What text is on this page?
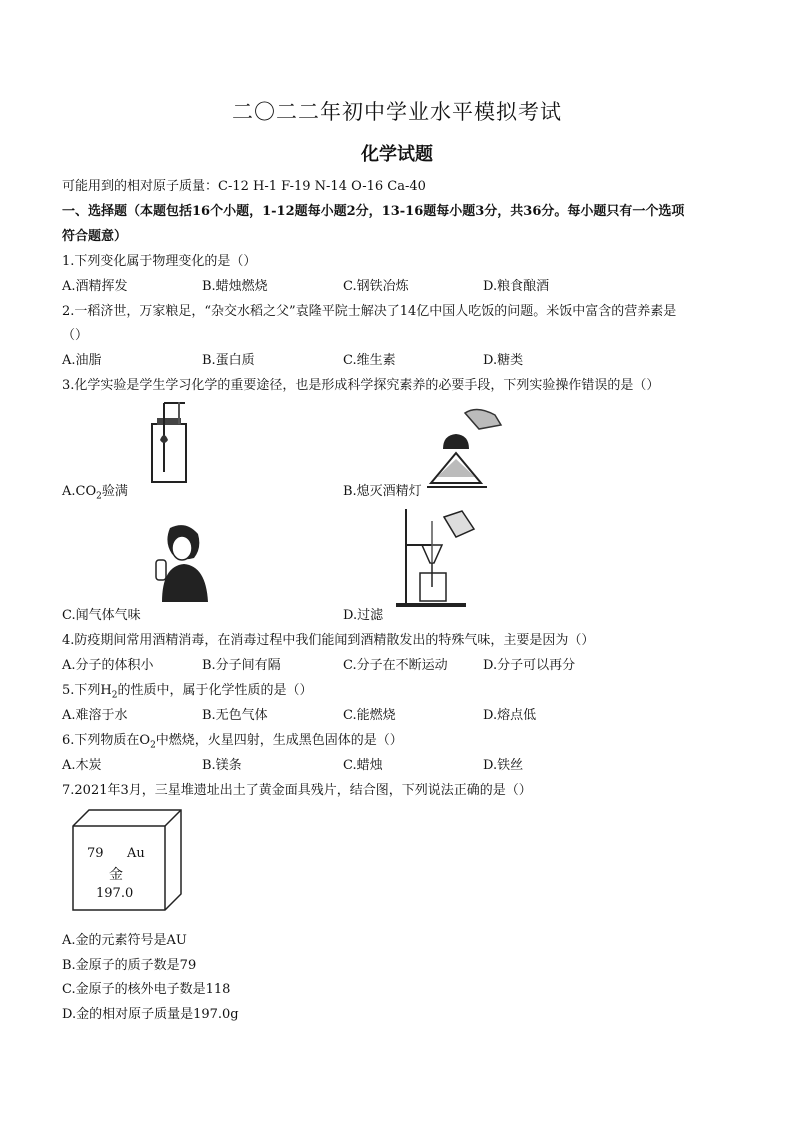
二〇二二年初中学业水平模拟考试
化学试题
可能用到的相对原子质量：C-12 H-1 F-19 N-14 O-16 Ca-40
一、选择题（本题包括16个小题，1-12题每小题2分，13-16题每小题3分，共36分。每小题只有一个选项
符合题意）
1.下列变化属于物理变化的是（）
A.酒精挥发	B.蜡烛燃烧	C.钢铁冶炼	D.粮食酿酒
2.一稻济世，万家粮足，“杂交水稻之父”袁隆平院士解决了14亿中国人吃饭的问题。米饭中富含的营养素是
（）
A.油脂	B.蛋白质	C.维生素	D.糖类
3.化学实验是学生学习化学的重要途径，也是形成科学探究素养的必要手段，下列实验操作错误的是（）
$A.CO_2$验满	B.熄灭酒精灯
C.闻气体气味	D.过滤
4.防疫期间常用酒精消毒，在消毒过程中我们能闻到酒精散发出的特殊气味，主要是因为（）
A.分子的体积小	B.分子间有隔	C.分子在不断运动	D.分子可以再分
5.下列$H_2$的性质中，属于化学性质的是（）
A.难溶于水	B.无色气体	C.能燃烧	D.熔点低
6.下列物质在$O_2$中燃烧，火星四射，生成黑色固体的是（）
A.木炭	B.镁条	C.蜡烛	D.铁丝
7.2021年3月，三星堆遗址出土了黄金面具残片，结合图，下列说法正确的是（）
79 Au
金
197.0
A.金的元素符号是AU
B.金原子的质子数是79
C.金原子的核外电子数是118
D.金的相对原子质量是197.0g
